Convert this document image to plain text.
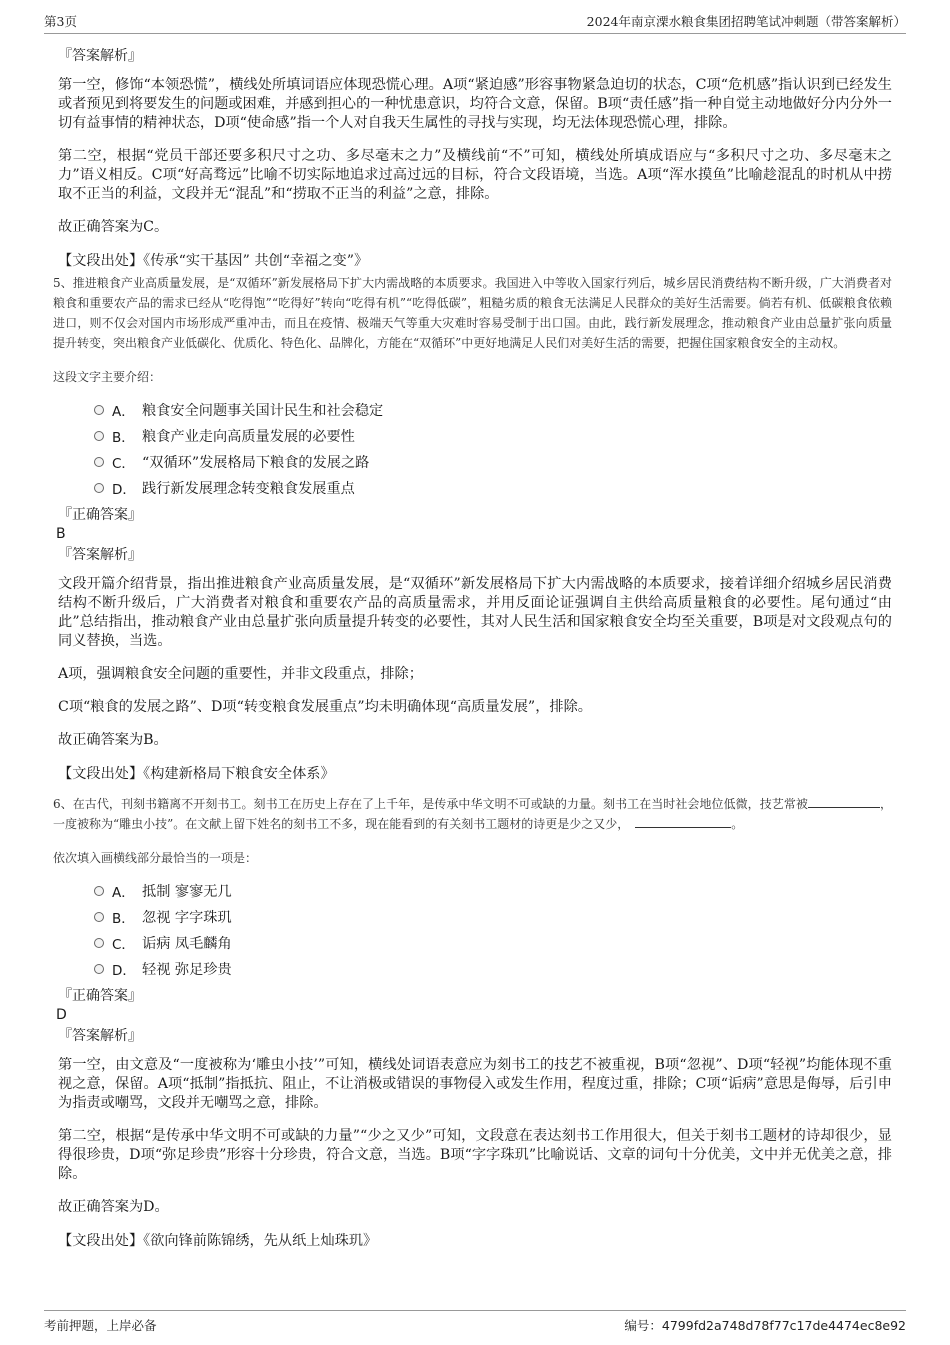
第3页	2024年南京溧水粮食集团招聘笔试冲刺题（带答案解析）
『答案解析』

第一空，修饰“本领恐慌”，横线处所填词语应体现恐慌心理。A项“紧迫感”形容事物紧急迫切的状态，C项“危机感”指认识到已经发生或者预见到将要发生的问题或困难，并感到担心的一种忧患意识，均符合文意，保留。B项“责任感”指一种自觉主动地做好分内分外一切有益事情的精神状态，D项“使命感”指一个人对自我天生属性的寻找与实现，均无法体现恐慌心理，排除。

第二空，根据“党员干部还要多积尺寸之功、多尽毫末之力”及横线前“不”可知，横线处所填成语应与“多积尺寸之功、多尽毫末之力”语义相反。C项“好高骛远”比喻不切实际地追求过高过远的目标，符合文段语境，当选。A项“浑水摸鱼”比喻趁混乱的时机从中捞取不正当的利益，文段并无“混乱”和“捞取不正当的利益”之意，排除。

故正确答案为C。

【文段出处】《传承“实干基因” 共创“幸福之变”》

5、推进粮食产业高质量发展，是“双循环”新发展格局下扩大内需战略的本质要求。我国进入中等收入国家行列后，城乡居民消费结构不断升级，广大消费者对粮食和重要农产品的需求已经从“吃得饱”“吃得好”转向“吃得有机”“吃得低碳”，粗糙劣质的粮食无法满足人民群众的美好生活需要。倘若有机、低碳粮食依赖进口，则不仅会对国内市场形成严重冲击，而且在疫情、极端天气等重大灾难时容易受制于出口国。由此，践行新发展理念，推动粮食产业由总量扩张向质量提升转变，突出粮食产业低碳化、优质化、特色化、品牌化，方能在“双循环”中更好地满足人民们对美好生活的需要，把握住国家粮食安全的主动权。

这段文字主要介绍：

A． 粮食安全问题事关国计民生和社会稳定
B． 粮食产业走向高质量发展的必要性
C． “双循环”发展格局下粮食的发展之路
D． 践行新发展理念转变粮食发展重点
『正确答案』
B
『答案解析』

文段开篇介绍背景，指出推进粮食产业高质量发展，是“双循环”新发展格局下扩大内需战略的本质要求，接着详细介绍城乡居民消费结构不断升级后，广大消费者对粮食和重要农产品的高质量需求，并用反面论证强调自主供给高质量粮食的必要性。尾句通过“由此”总结指出，推动粮食产业由总量扩张向质量提升转变的必要性，其对人民生活和国家粮食安全均至关重要，B项是对文段观点句的同义替换，当选。

A项，强调粮食安全问题的重要性，并非文段重点，排除；

C项“粮食的发展之路”、D项“转变粮食发展重点”均未明确体现“高质量发展”，排除。

故正确答案为B。

【文段出处】《构建新格局下粮食安全体系》

6、在古代，刊刻书籍离不开刻书工。刻书工在历史上存在了上千年，是传承中华文明不可或缺的力量。刻书工在当时社会地位低微，技艺常被	，一度被称为“雕虫小技”。在文献上留下姓名的刻书工不多，现在能看到的有关刻书工题材的诗更是少之又少，	。

依次填入画横线部分最恰当的一项是：

A． 抵制 寥寥无几
B． 忽视 字字珠玑
C． 诟病 凤毛麟角
D． 轻视 弥足珍贵
『正确答案』
D
『答案解析』

第一空，由文意及“一度被称为‘雕虫小技’”可知，横线处词语表意应为刻书工的技艺不被重视，B项“忽视”、D项“轻视”均能体现不重视之意，保留。A项“抵制”指抵抗、阻止，不让消极或错误的事物侵入或发生作用，程度过重，排除；C项“诟病”意思是侮辱，后引申为指责或嘲骂，文段并无嘲骂之意，排除。

第二空，根据“是传承中华文明不可或缺的力量”“少之又少”可知，文段意在表达刻书工作用很大，但关于刻书工题材的诗却很少，显得很珍贵，D项“弥足珍贵”形容十分珍贵，符合文意，当选。B项“字字珠玑”比喻说话、文章的词句十分优美，文中并无优美之意，排除。

故正确答案为D。

【文段出处】《欲向锋前陈锦绣，先从纸上灿珠玑》
考前押题，上岸必备	编号：4799fd2a748d78f77c17de4474ec8e92
